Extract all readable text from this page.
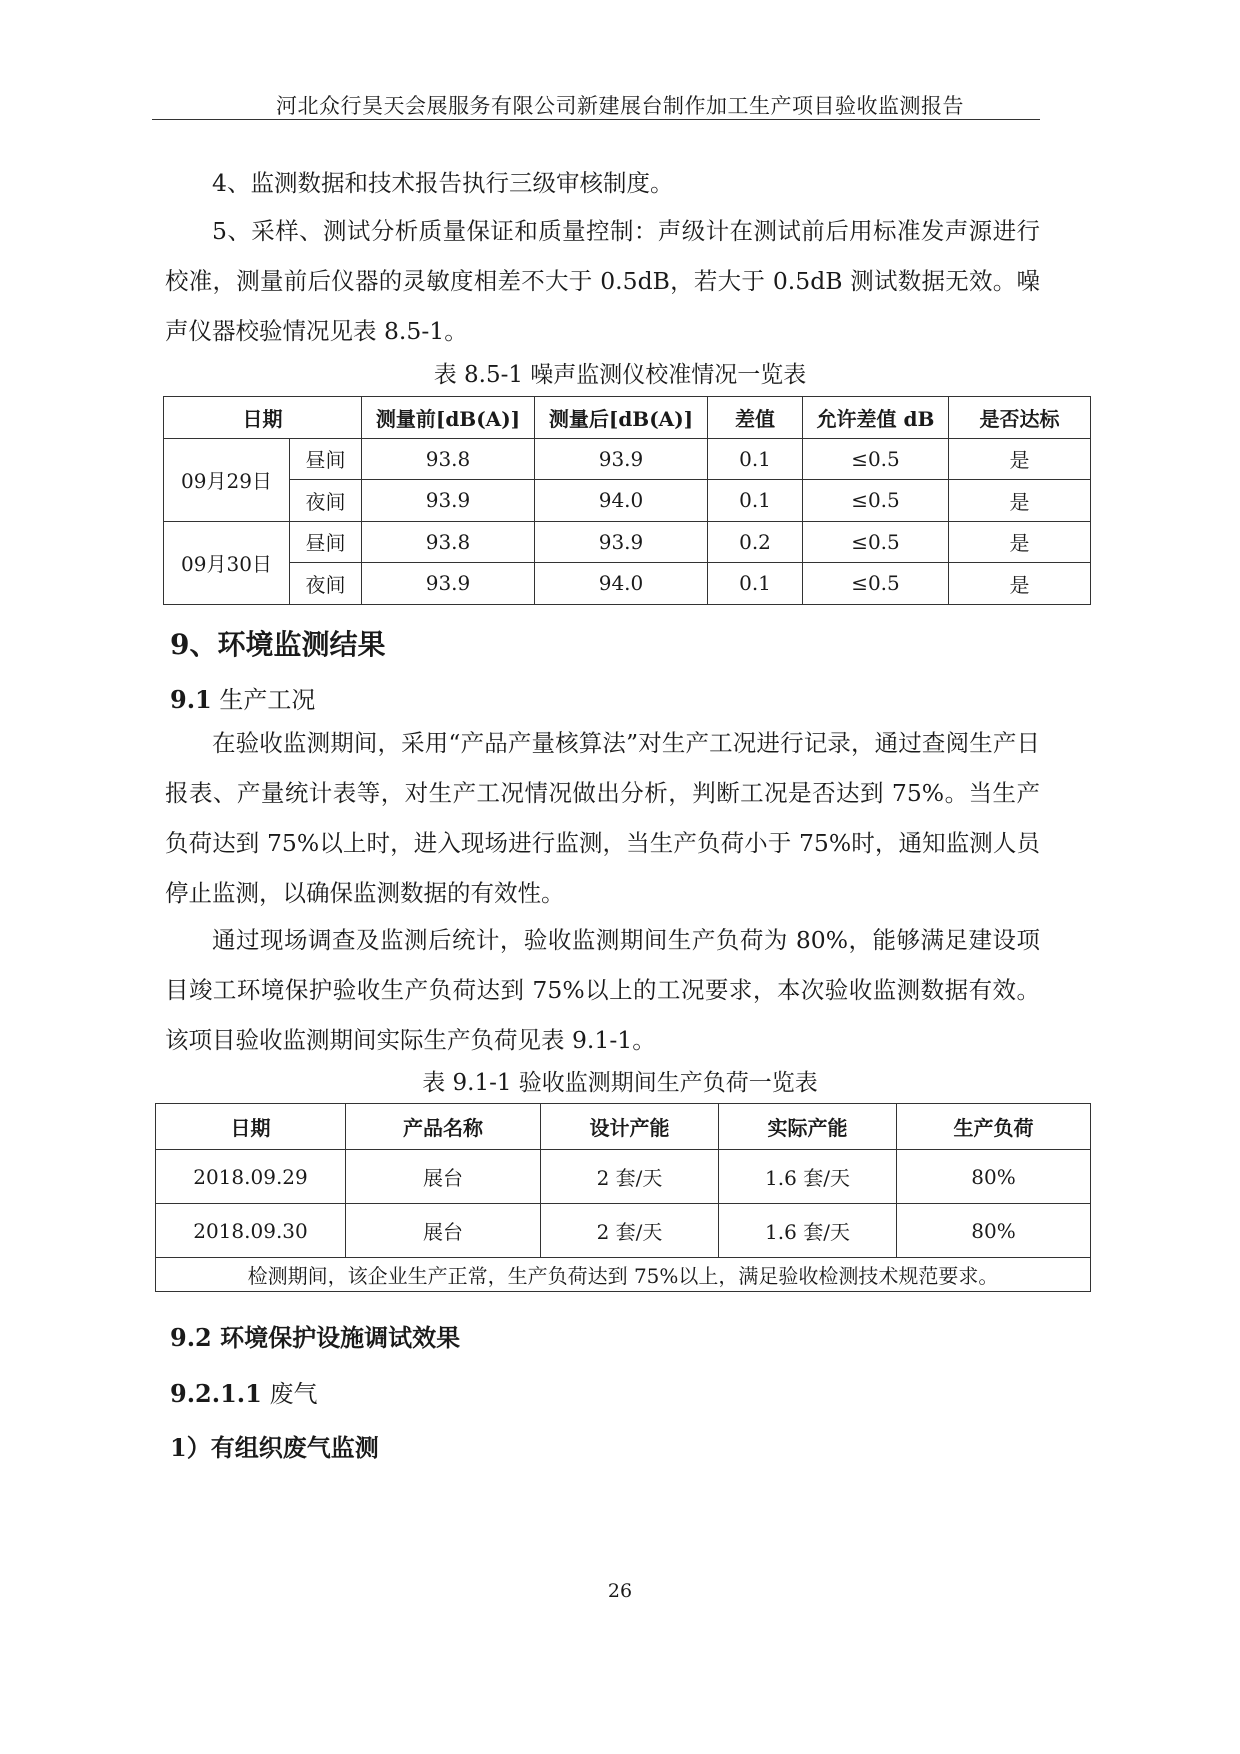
河北众行昊天会展服务有限公司新建展台制作加工生产项目验收监测报告

4、监测数据和技术报告执行三级审核制度。

5、采样、测试分析质量保证和质量控制：声级计在测试前后用标准发声源进行校准，测量前后仪器的灵敏度相差不大于 0.5dB，若大于 0.5dB 测试数据无效。噪声仪器校验情况见表 8.5-1。

表 8.5-1 噪声监测仪校准情况一览表
日期		测量前[dB(A)]	测量后[dB(A)]	差值	允许差值 dB	是否达标
09月29日	昼间	93.8	93.9	0.1	≤0.5	是
	夜间	93.9	94.0	0.1	≤0.5	是
09月30日	昼间	93.8	93.9	0.2	≤0.5	是
	夜间	93.9	94.0	0.1	≤0.5	是
9、环境监测结果
9.1 生产工况

在验收监测期间，采用“产品产量核算法”对生产工况进行记录，通过查阅生产日报表、产量统计表等，对生产工况情况做出分析，判断工况是否达到 75%。当生产负荷达到 75%以上时，进入现场进行监测，当生产负荷小于 75%时，通知监测人员停止监测，以确保监测数据的有效性。

通过现场调查及监测后统计，验收监测期间生产负荷为 80%，能够满足建设项目竣工环境保护验收生产负荷达到 75%以上的工况要求，本次验收监测数据有效。该项目验收监测期间实际生产负荷见表 9.1-1。

表 9.1-1 验收监测期间生产负荷一览表
日期	产品名称	设计产能	实际产能	生产负荷
2018.09.29	展台	2 套/天	1.6 套/天	80%
2018.09.30	展台	2 套/天	1.6 套/天	80%
检测期间，该企业生产正常，生产负荷达到 75%以上，满足验收检测技术规范要求。				
9.2 环境保护设施调试效果
9.2.1.1 废气
1）有组织废气监测
26
